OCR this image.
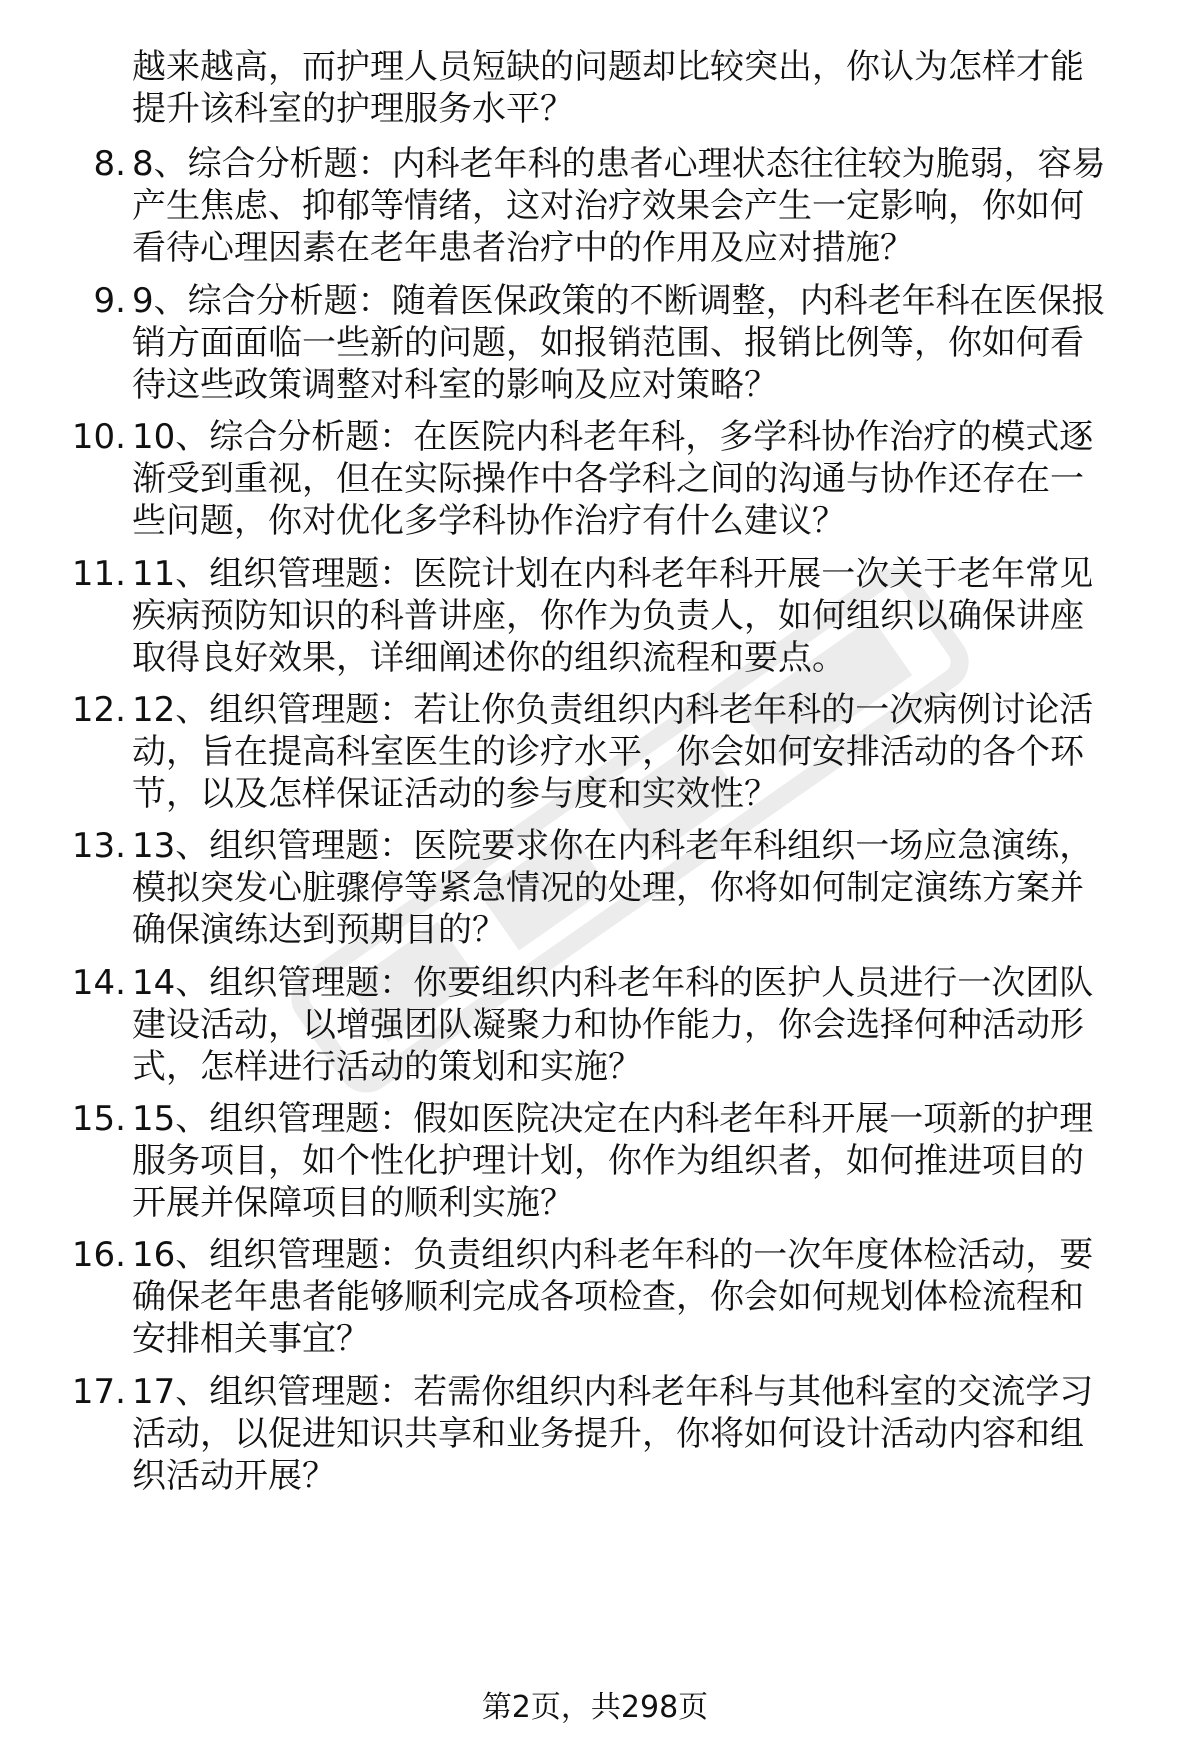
越来越高，而护理人员短缺的问题却比较突出，你认为怎样才能
提升该科室的护理服务水平？
8. 8、综合分析题：内科老年科的患者心理状态往往较为脆弱，容易
产生焦虑、抑郁等情绪，这对治疗效果会产生一定影响，你如何
看待心理因素在老年患者治疗中的作用及应对措施？
9. 9、综合分析题：随着医保政策的不断调整，内科老年科在医保报
销方面面临一些新的问题，如报销范围、报销比例等，你如何看
待这些政策调整对科室的影响及应对策略？
10. 10、综合分析题：在医院内科老年科，多学科协作治疗的模式逐
渐受到重视，但在实际操作中各学科之间的沟通与协作还存在一
些问题，你对优化多学科协作治疗有什么建议？
11. 11、组织管理题：医院计划在内科老年科开展一次关于老年常见
疾病预防知识的科普讲座，你作为负责人，如何组织以确保讲座
取得良好效果，详细阐述你的组织流程和要点。
12. 12、组织管理题：若让你负责组织内科老年科的一次病例讨论活
动，旨在提高科室医生的诊疗水平，你会如何安排活动的各个环
节，以及怎样保证活动的参与度和实效性？
13. 13、组织管理题：医院要求你在内科老年科组织一场应急演练，
模拟突发心脏骤停等紧急情况的处理，你将如何制定演练方案并
确保演练达到预期目的？
14. 14、组织管理题：你要组织内科老年科的医护人员进行一次团队
建设活动，以增强团队凝聚力和协作能力，你会选择何种活动形
式，怎样进行活动的策划和实施？
15. 15、组织管理题：假如医院决定在内科老年科开展一项新的护理
服务项目，如个性化护理计划，你作为组织者，如何推进项目的
开展并保障项目的顺利实施？
16. 16、组织管理题：负责组织内科老年科的一次年度体检活动，要
确保老年患者能够顺利完成各项检查，你会如何规划体检流程和
安排相关事宜？
17. 17、组织管理题：若需你组织内科老年科与其他科室的交流学习
活动，以促进知识共享和业务提升，你将如何设计活动内容和组
织活动开展？
第2页，共298页
